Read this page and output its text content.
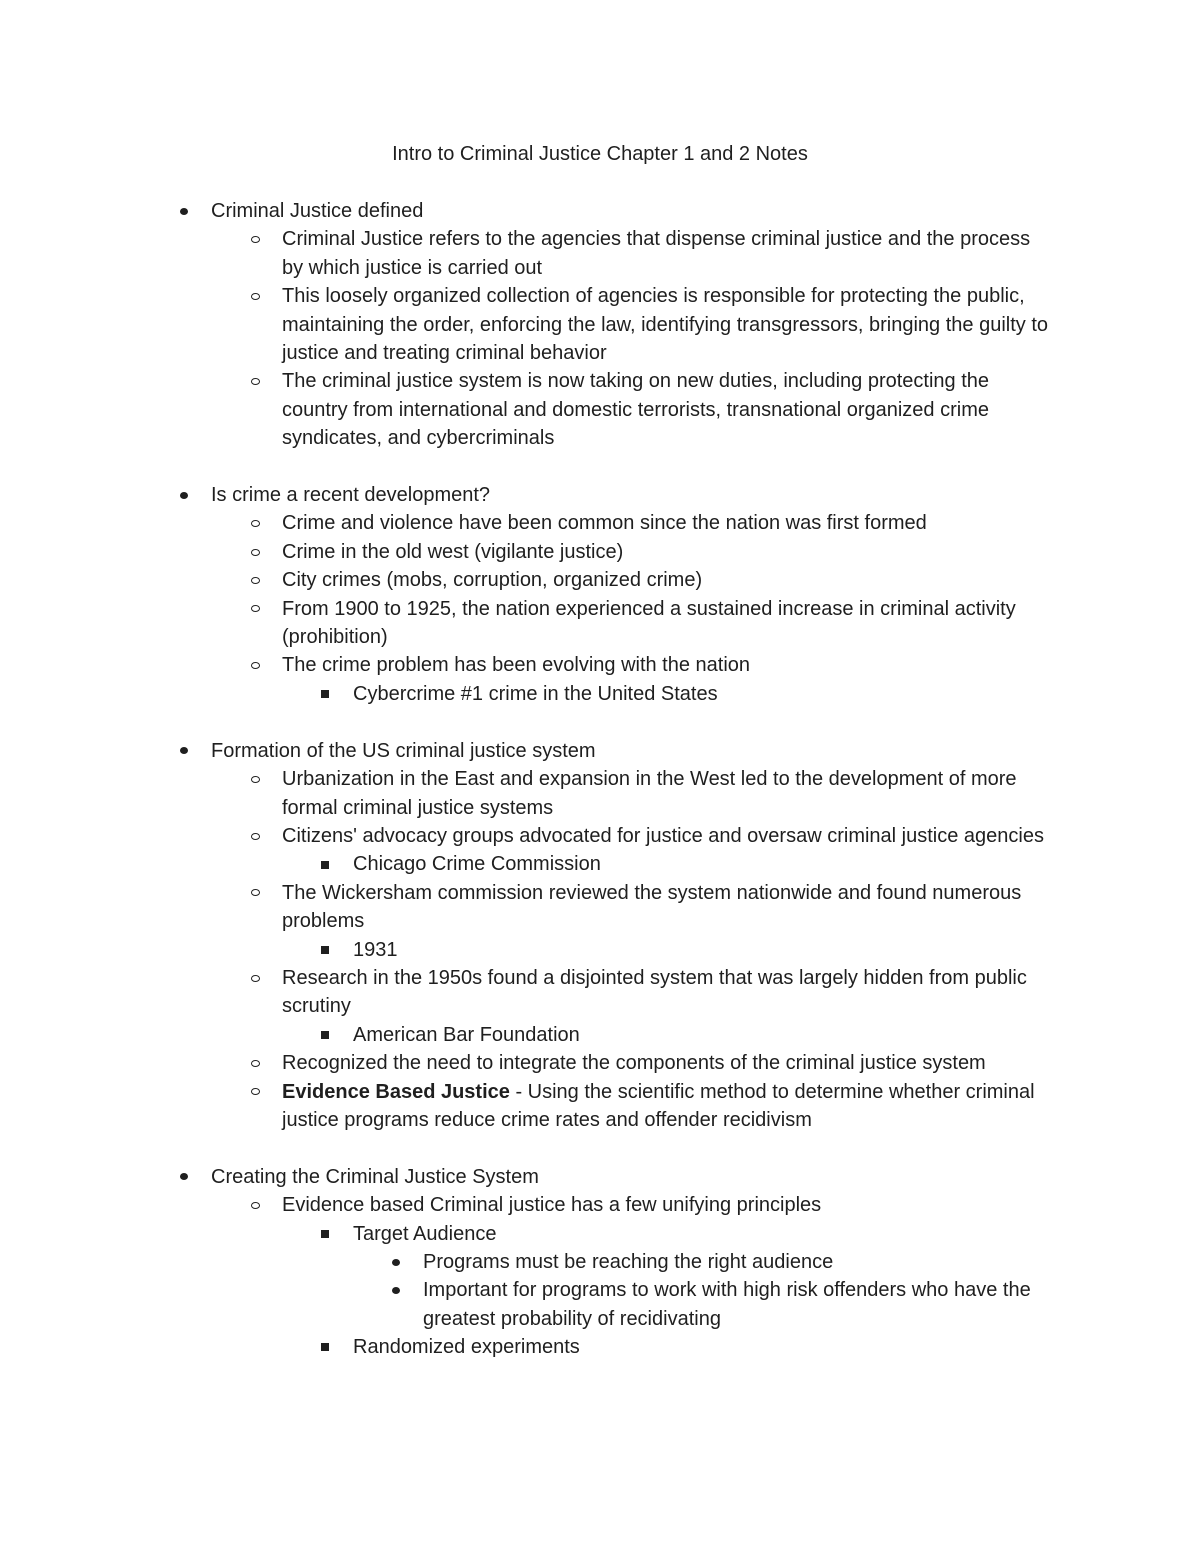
Intro to Criminal Justice Chapter 1 and 2 Notes
Criminal Justice defined
Criminal Justice refers to the agencies that dispense criminal justice and the process by which justice is carried out
This loosely organized collection of agencies is responsible for protecting the public, maintaining the order, enforcing the law, identifying transgressors, bringing the guilty to justice and treating criminal behavior
The criminal justice system is now taking on new duties, including protecting the country from international and domestic terrorists, transnational organized crime syndicates, and cybercriminals
Is crime a recent development?
Crime and violence have been common since the nation was first formed
Crime in the old west (vigilante justice)
City crimes (mobs, corruption, organized crime)
From 1900 to 1925, the nation experienced a sustained increase in criminal activity (prohibition)
The crime problem has been evolving with the nation
Cybercrime #1 crime in the United States
Formation of the US criminal justice system
Urbanization in the East and expansion in the West led to the development of more formal criminal justice systems
Citizens' advocacy groups advocated for justice and oversaw criminal justice agencies
Chicago Crime Commission
The Wickersham commission reviewed the system nationwide and found numerous problems
1931
Research in the 1950s found a disjointed system that was largely hidden from public scrutiny
American Bar Foundation
Recognized the need to integrate the components of the criminal justice system
Evidence Based Justice - Using the scientific method to determine whether criminal justice programs reduce crime rates and offender recidivism
Creating the Criminal Justice System
Evidence based Criminal justice has a few unifying principles
Target Audience
Programs must be reaching the right audience
Important for programs to work with high risk offenders who have the greatest probability of recidivating
Randomized experiments
